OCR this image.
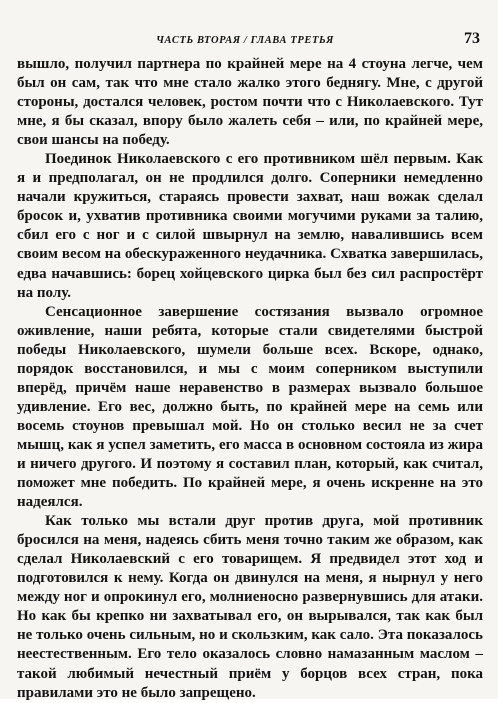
ЧАСТЬ ВТОРАЯ / ГЛАВА ТРЕТЬЯ	73

вышло, получил партнера по крайней мере на 4 стоуна легче, чем был он сам, так что мне стало жалко этого беднягу. Мне, с другой стороны, достался человек, ростом почти что с Николаевского. Тут мне, я бы сказал, впору было жалеть себя – или, по крайней мере, свои шансы на победу.

Поединок Николаевского с его противником шёл первым. Как я и предполагал, он не продлился долго. Соперники немедленно начали кружиться, стараясь провести захват, наш вожак сделал бросок и, ухватив противника своими могучими руками за талию, сбил его с ног и с силой швырнул на землю, навалившись всем своим весом на обескураженного неудачника. Схватка завершилась, едва начавшись: борец хойцевского цирка был без сил распростёрт на полу.

Сенсационное завершение состязания вызвало огромное оживление, наши ребята, которые стали свидетелями быстрой победы Николаевского, шумели больше всех. Вскоре, однако, порядок восстановился, и мы с моим соперником выступили вперёд, причём наше неравенство в размерах вызвало большое удивление. Его вес, должно быть, по крайней мере на семь или восемь стоунов превышал мой. Но он столько весил не за счет мышц, как я успел заметить, его масса в основном состояла из жира и ничего другого. И поэтому я составил план, который, как считал, поможет мне победить. По крайней мере, я очень искренне на это надеялся.

Как только мы встали друг против друга, мой противник бросился на меня, надеясь сбить меня точно таким же образом, как сделал Николаевский с его товарищем. Я предвидел этот ход и подготовился к нему. Когда он двинулся на меня, я нырнул у него между ног и опрокинул его, молниеносно развернувшись для атаки. Но как бы крепко ни захватывал его, он вырывался, так как был не только очень сильным, но и скользким, как сало. Эта показалось неестественным. Его тело оказалось словно намазанным маслом – такой любимый нечестный приём у борцов всех стран, пока правилами это не было запрещено.
